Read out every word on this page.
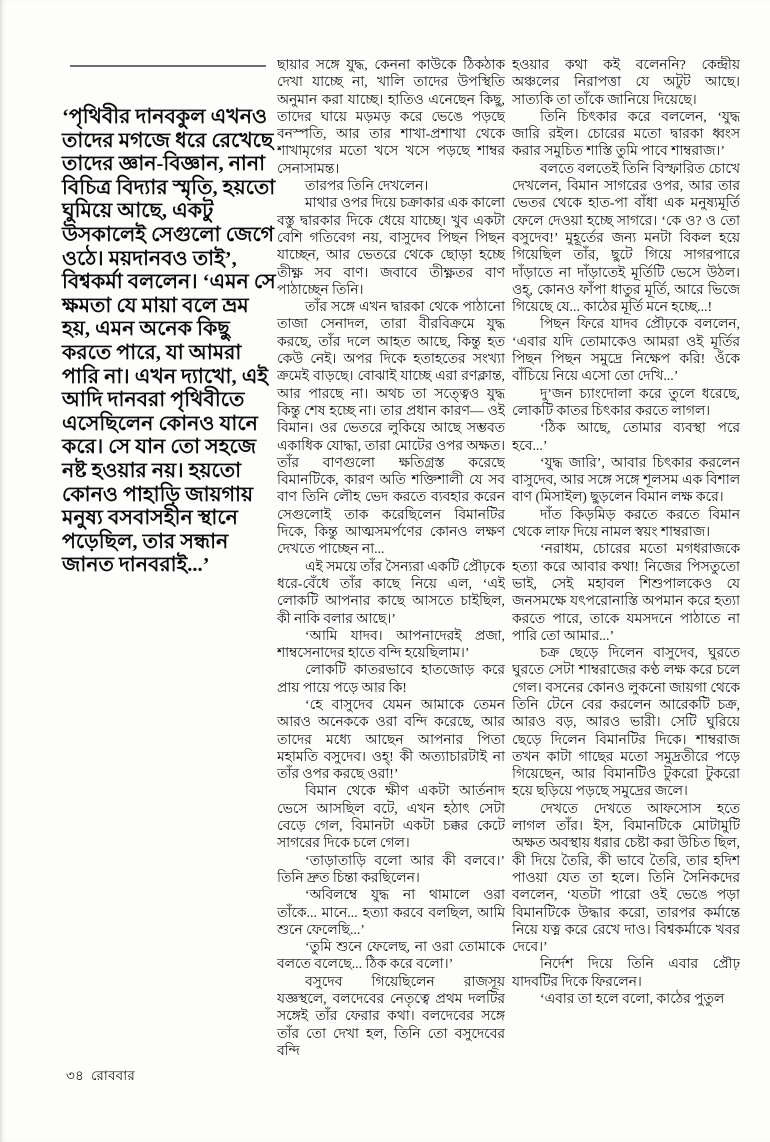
‘পৃথিবীর দানবকুল এখনও তাদের মগজে ধরে রেখেছে তাদের জ্ঞান-বিজ্ঞান, নানা বিচিত্র বিদ্যার স্মৃতি, হয়তো ঘুমিয়ে আছে, একটু উসকালেই সেগুলো জেগে ওঠে। ময়দানবও তাই’, বিশ্বকর্মা বললেন। ‘এমন সে ক্ষমতা যে মায়া বলে ভ্রম হয়, এমন অনেক কিছু করতে পারে, যা আমরা পারি না। এখন দ্যাখো, এই আদি দানবরা পৃথিবীতে এসেছিলেন কোনও যানে করে। সে যান তো সহজে নষ্ট হওয়ার নয়। হয়তো কোনও পাহাড়ি জায়গায় মনুষ্য বসবাসহীন স্থানে পড়েছিল, তার সন্ধান জানত দানবরাই...’

ছায়ার সঙ্গে যুদ্ধ, কেননা কাউকে ঠিকঠাক দেখা যাচ্ছে না, খালি তাদের উপস্থিতি অনুমান করা যাচ্ছে। হাতিও এনেছেন কিছু, তাদের ঘায়ে মড়মড় করে ভেঙে পড়ছে বনস্পতি, আর তার শাখা-প্রশাখা থেকে শাখামৃগের মতো খসে খসে পড়ছে শাম্বর সেনাসামন্ত।

তারপর তিনি দেখলেন।

মাথার ওপর দিয়ে চক্রাকার এক কালো বস্তু দ্বারকার দিকে ধেয়ে যাচ্ছে। খুব একটা বেশি গতিবেগ নয়, বাসুদেব পিছন পিছন যাচ্ছেন, আর ভেতরে থেকে ছোড়া হচ্ছে তীক্ষ্ণ সব বাণ। জবাবে তীক্ষ্ণতর বাণ পাঠাচ্ছেন তিনি।

তাঁর সঙ্গে এখন দ্বারকা থেকে পাঠানো তাজা সেনাদল, তারা বীরবিক্রমে যুদ্ধ করছে, তাঁর দলে আহত আছে, কিন্তু হত কেউ নেই। অপর দিকে হতাহতের সংখ্যা ক্রমেই বাড়ছে। বোঝাই যাচ্ছে এরা রণক্লান্ত, আর পারছে না। অথচ তা সত্ত্বেও যুদ্ধ কিন্তু শেষ হচ্ছে না। তার প্রধান কারণ— ওই বিমান। ওর ভেতরে লুকিয়ে আছে সম্ভবত একাধিক যোদ্ধা, তারা মোটের ওপর অক্ষত। তাঁর বাণগুলো ক্ষতিগ্রস্ত করেছে বিমানটিকে, কারণ অতি শক্তিশালী যে সব বাণ তিনি লৌহ ভেদ করতে ব্যবহার করেন সেগুলোই তাক করেছিলেন বিমানটির দিকে, কিন্তু আত্মসমর্পণের কোনও লক্ষণ দেখতে পাচ্ছেন না...

এই সময়ে তাঁর সৈন্যরা একটি প্রৌঢ়কে ধরে-বেঁধে তাঁর কাছে নিয়ে এল, ‘এই লোকটি আপনার কাছে আসতে চাইছিল, কী নাকি বলার আছে।’

‘আমি যাদব। আপনাদেরই প্রজা, শাম্বসেনাদের হাতে বন্দি হয়েছিলাম।’

লোকটি কাতরভাবে হাতজোড় করে প্রায় পায়ে পড়ে আর কি!

‘হে বাসুদেব যেমন আমাকে তেমন আরও অনেককে ওরা বন্দি করেছে, আর তাদের মধ্যে আছেন আপনার পিতা মহামতি বসুদেব। ওহ্‌! কী অত্যাচারটাই না তাঁর ওপর করছে ওরা!’

বিমান থেকে ক্ষীণ একটা আর্তনাদ ভেসে আসছিল বটে, এখন হঠাৎ সেটা বেড়ে গেল, বিমানটা একটা চক্কর কেটে সাগরের দিকে চলে গেল।

‘তাড়াতাড়ি বলো আর কী বলবে।’ তিনি দ্রুত চিন্তা করছিলেন।

‘অবিলম্বে যুদ্ধ না থামালে ওরা তাঁকে... মানে... হত্যা করবে বলছিল, আমি শুনে ফেলেছি...’

‘তুমি শুনে ফেলেছ, না ওরা তোমাকে বলতে বলেছে... ঠিক করে বলো।’

বসুদেব গিয়েছিলেন রাজসূয় যজ্ঞস্থলে, বলদেবের নেতৃত্বে প্রথম দলটির সঙ্গেই তাঁর ফেরার কথা। বলদেবের সঙ্গে তাঁর তো দেখা হল, তিনি তো বসুদেবের বন্দি

হওয়ার কথা কই বলেননি? কেন্দ্রীয় অঞ্চলের নিরাপত্তা যে অটুট আছে। সাত্যকি তা তাঁকে জানিয়ে দিয়েছে।

তিনি চিৎকার করে বললেন, ‘যুদ্ধ জারি রইল। চোরের মতো দ্বারকা ধ্বংস করার সমুচিত শাস্তি তুমি পাবে শাম্বরাজ।’

বলতে বলতেই তিনি বিস্ফারিত চোখে দেখলেন, বিমান সাগরের ওপর, আর তার ভেতর থেকে হাত-পা বাঁধা এক মনুষ্যমূর্তি ফেলে দেওয়া হচ্ছে সাগরে। ‘কে ও? ও তো বসুদেব!’ মুহূর্তের জন্য মনটা বিকল হয়ে গিয়েছিল তাঁর, ছুটে গিয়ে সাগরপারে দাঁড়াতে না দাঁড়াতেই মূর্তিটি ভেসে উঠল। ওহ্‌, কোনও ফাঁপা ধাতুর মূর্তি, আরে ভিজে গিয়েছে যে... কাঠের মূর্তি মনে হচ্ছে...!

পিছন ফিরে যাদব প্রৌঢ়কে বললেন, ‘এবার যদি তোমাকেও আমরা ওই মূর্তির পিছন পিছন সমুদ্রে নিক্ষেপ করি! ওঁকে বাঁচিয়ে নিয়ে এসো তো দেখি...’

দু’জন চ্যাংদোলা করে তুলে ধরেছে, লোকটি কাতর চিৎকার করতে লাগল।

‘ঠিক আছে, তোমার ব্যবস্থা পরে হবে...’

‘যুদ্ধ জারি’, আবার চিৎকার করলেন বাসুদেব, আর সঙ্গে সঙ্গে শূলসম এক বিশাল বাণ (মিসাইল) ছুড়লেন বিমান লক্ষ করে।

দাঁত কিড়মিড় করতে করতে বিমান থেকে লাফ দিয়ে নামল স্বয়ং শাম্বরাজ।

‘নরাধম, চোরের মতো মগধরাজকে হত্যা করে আবার কথা! নিজের পিসতুতো ভাই, সেই মহাবল শিশুপালকেও যে জনসমক্ষে যৎপরোনাস্তি অপমান করে হত্যা করতে পারে, তাকে যমসদনে পাঠাতে না পারি তো আমার...’

চক্র ছেড়ে দিলেন বাসুদেব, ঘুরতে ঘুরতে সেটা শাম্বরাজের কণ্ঠ লক্ষ করে চলে গেল। বসনের কোনও লুকনো জায়গা থেকে তিনি টেনে বের করলেন আরেকটি চক্র, আরও বড়, আরও ভারী। সেটি ঘুরিয়ে ছেড়ে দিলেন বিমানটির দিকে। শাম্বরাজ তখন কাটা গাছের মতো সমুদ্রতীরে পড়ে গিয়েছেন, আর বিমানটিও টুকরো টুকরো হয়ে ছড়িয়ে পড়ছে সমুদ্রের জলে।

দেখতে দেখতে আফসোস হতে লাগল তাঁর। ইস, বিমানটিকে মোটামুটি অক্ষত অবস্থায় ধরার চেষ্টা করা উচিত ছিল, কী দিয়ে তৈরি, কী ভাবে তৈরি, তার হদিশ পাওয়া যেত তা হলে। তিনি সৈনিকদের বললেন, ‘যতটা পারো ওই ভেঙে পড়া বিমানটিকে উদ্ধার করো, তারপর কর্মান্তে নিয়ে যত্ন করে রেখে দাও। বিশ্বকর্মাকে খবর দেবে।’

নির্দেশ দিয়ে তিনি এবার প্রৌঢ় যাদবটির দিকে ফিরলেন।

‘এবার তা হলে বলো, কাঠের পুতুল

৩৪ রোববার
